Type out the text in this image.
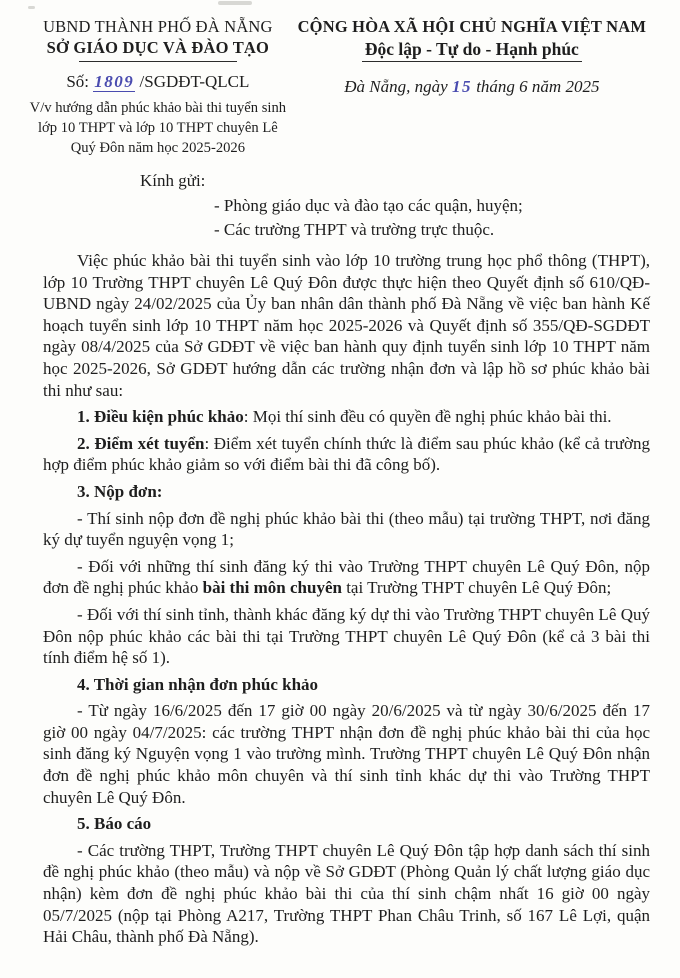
UBND THÀNH PHỐ ĐÀ NẴNG
SỞ GIÁO DỤC VÀ ĐÀO TẠO
Số: 1809 /SGDĐT-QLCL
V/v hướng dẫn phúc khảo bài thi tuyển sinh lớp 10 THPT và lớp 10 THPT chuyên Lê Quý Đôn năm học 2025-2026
CỘNG HÒA XÃ HỘI CHỦ NGHĨA VIỆT NAM
Độc lập - Tự do - Hạnh phúc
Đà Nẵng, ngày 15 tháng 6 năm 2025
Kính gửi:
- Phòng giáo dục và đào tạo các quận, huyện;
- Các trường THPT và trường trực thuộc.
Việc phúc khảo bài thi tuyển sinh vào lớp 10 trường trung học phổ thông (THPT), lớp 10 Trường THPT chuyên Lê Quý Đôn được thực hiện theo Quyết định số 610/QĐ-UBND ngày 24/02/2025 của Ủy ban nhân dân thành phố Đà Nẵng về việc ban hành Kế hoạch tuyển sinh lớp 10 THPT năm học 2025-2026 và Quyết định số 355/QĐ-SGDĐT ngày 08/4/2025 của Sở GDĐT về việc ban hành quy định tuyển sinh lớp 10 THPT năm học 2025-2026, Sở GDĐT hướng dẫn các trường nhận đơn và lập hồ sơ phúc khảo bài thi như sau:
1. Điều kiện phúc khảo: Mọi thí sinh đều có quyền đề nghị phúc khảo bài thi.
2. Điểm xét tuyển: Điểm xét tuyển chính thức là điểm sau phúc khảo (kể cả trường hợp điểm phúc khảo giảm so với điểm bài thi đã công bố).
3. Nộp đơn:
- Thí sinh nộp đơn đề nghị phúc khảo bài thi (theo mẫu) tại trường THPT, nơi đăng ký dự tuyển nguyện vọng 1;
- Đối với những thí sinh đăng ký thi vào Trường THPT chuyên Lê Quý Đôn, nộp đơn đề nghị phúc khảo bài thi môn chuyên tại Trường THPT chuyên Lê Quý Đôn;
- Đối với thí sinh tỉnh, thành khác đăng ký dự thi vào Trường THPT chuyên Lê Quý Đôn nộp phúc khảo các bài thi tại Trường THPT chuyên Lê Quý Đôn (kể cả 3 bài thi tính điểm hệ số 1).
4. Thời gian nhận đơn phúc khảo
- Từ ngày 16/6/2025 đến 17 giờ 00 ngày 20/6/2025 và từ ngày 30/6/2025 đến 17 giờ 00 ngày 04/7/2025: các trường THPT nhận đơn đề nghị phúc khảo bài thi của học sinh đăng ký Nguyện vọng 1 vào trường mình. Trường THPT chuyên Lê Quý Đôn nhận đơn đề nghị phúc khảo môn chuyên và thí sinh tỉnh khác dự thi vào Trường THPT chuyên Lê Quý Đôn.
5. Báo cáo
- Các trường THPT, Trường THPT chuyên Lê Quý Đôn tập hợp danh sách thí sinh đề nghị phúc khảo (theo mẫu) và nộp về Sở GDĐT (Phòng Quản lý chất lượng giáo dục nhận) kèm đơn đề nghị phúc khảo bài thi của thí sinh chậm nhất 16 giờ 00 ngày 05/7/2025 (nộp tại Phòng A217, Trường THPT Phan Châu Trinh, số 167 Lê Lợi, quận Hải Châu, thành phố Đà Nẵng).
